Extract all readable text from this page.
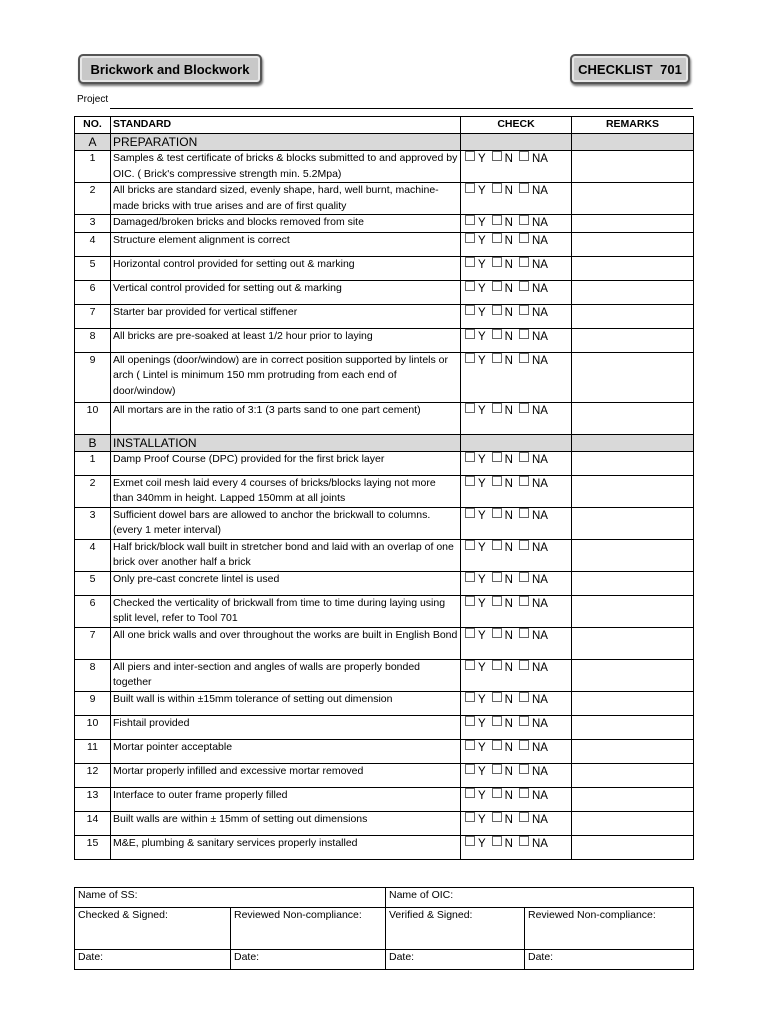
Brickwork and Blockwork	CHECKLIST 701
Project
NO.	STANDARD	CHECK	REMARKS
A	PREPARATION		
1	Samples & test certificate of bricks & blocks submitted to and approved by OIC. ( Brick's compressive strength min. 5.2Mpa)	Y N NA	
2	All bricks are standard sized, evenly shape, hard, well burnt, machine-made bricks with true arises and are of first quality	Y N NA	
3	Damaged/broken bricks and blocks removed from site	Y N NA	
4	Structure element alignment is correct	Y N NA	
5	Horizontal control provided for setting out & marking	Y N NA	
6	Vertical control provided for setting out & marking	Y N NA	
7	Starter bar provided for vertical stiffener	Y N NA	
8	All bricks are pre-soaked at least 1/2 hour prior to laying	Y N NA	
9	All openings (door/window) are in correct position supported by lintels or arch ( Lintel is minimum 150 mm protruding from each end of door/window)	Y N NA	
10	All mortars are in the ratio of 3:1 (3 parts sand to one part cement)	Y N NA	
B	INSTALLATION		
1	Damp Proof Course (DPC) provided for the first brick layer	Y N NA	
2	Exmet coil mesh laid every 4 courses of bricks/blocks laying not more than 340mm in height. Lapped 150mm at all joints	Y N NA	
3	Sufficient dowel bars are allowed to anchor the brickwall to columns. (every 1 meter interval)	Y N NA	
4	Half brick/block wall built in stretcher bond and laid with an overlap of one brick over another half a brick	Y N NA	
5	Only pre-cast concrete lintel is used	Y N NA	
6	Checked the verticality of brickwall from time to time during laying using split level, refer to Tool 701	Y N NA	
7	All one brick walls and over throughout the works are built in English Bond	Y N NA	
8	All piers and inter-section and angles of walls are properly bonded together	Y N NA	
9	Built wall is within ±15mm tolerance of setting out dimension	Y N NA	
10	Fishtail provided	Y N NA	
11	Mortar pointer acceptable	Y N NA	
12	Mortar properly infilled and excessive mortar removed	Y N NA	
13	Interface to outer frame properly filled	Y N NA	
14	Built walls are within ± 15mm of setting out dimensions	Y N NA	
15	M&E, plumbing & sanitary services properly installed	Y N NA	
Name of SS:		Name of OIC:	
Checked & Signed:	Reviewed Non-compliance:	Verified & Signed:	Reviewed Non-compliance:
Date:	Date:	Date:	Date:
